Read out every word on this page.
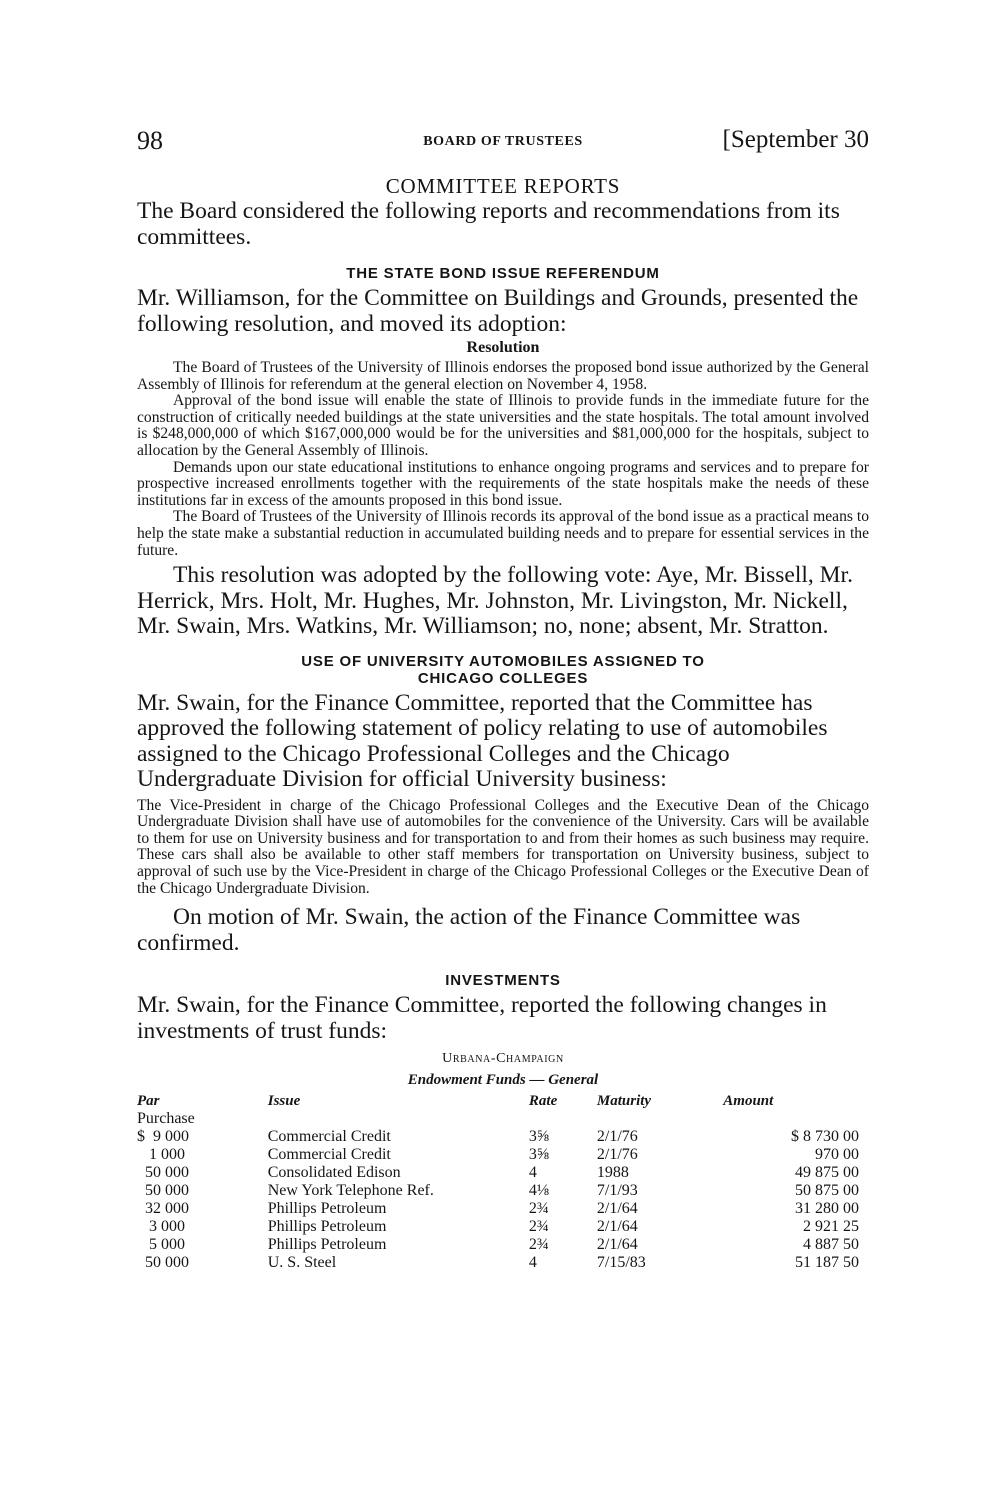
98	BOARD OF TRUSTEES	[September 30
COMMITTEE REPORTS

The Board considered the following reports and recommendations from its committees.

THE STATE BOND ISSUE REFERENDUM

Mr. Williamson, for the Committee on Buildings and Grounds, presented the following resolution, and moved its adoption:

Resolution

The Board of Trustees of the University of Illinois endorses the proposed bond issue authorized by the General Assembly of Illinois for referendum at the general election on November 4, 1958.

Approval of the bond issue will enable the state of Illinois to provide funds in the immediate future for the construction of critically needed buildings at the state universities and the state hospitals. The total amount involved is $248,000,000 of which $167,000,000 would be for the universities and $81,000,000 for the hospitals, subject to allocation by the General Assembly of Illinois.

Demands upon our state educational institutions to enhance ongoing programs and services and to prepare for prospective increased enrollments together with the requirements of the state hospitals make the needs of these institutions far in excess of the amounts proposed in this bond issue.

The Board of Trustees of the University of Illinois records its approval of the bond issue as a practical means to help the state make a substantial reduction in accumulated building needs and to prepare for essential services in the future.

This resolution was adopted by the following vote: Aye, Mr. Bissell, Mr. Herrick, Mrs. Holt, Mr. Hughes, Mr. Johnston, Mr. Livingston, Mr. Nickell, Mr. Swain, Mrs. Watkins, Mr. Williamson; no, none; absent, Mr. Stratton.

USE OF UNIVERSITY AUTOMOBILES ASSIGNED TO
CHICAGO COLLEGES

Mr. Swain, for the Finance Committee, reported that the Committee has approved the following statement of policy relating to use of automobiles assigned to the Chicago Professional Colleges and the Chicago Undergraduate Division for official University business:

The Vice-President in charge of the Chicago Professional Colleges and the Executive Dean of the Chicago Undergraduate Division shall have use of automobiles for the convenience of the University. Cars will be available to them for use on University business and for transportation to and from their homes as such business may require. These cars shall also be available to other staff members for transportation on University business, subject to approval of such use by the Vice-President in charge of the Chicago Professional Colleges or the Executive Dean of the Chicago Undergraduate Division.

On motion of Mr. Swain, the action of the Finance Committee was confirmed.

INVESTMENTS

Mr. Swain, for the Finance Committee, reported the following changes in investments of trust funds:

Urbana-Champaign
Endowment Funds — General
Par	Issue	Rate	Maturity	Amount
Purchase				
$  9 000	Commercial Credit	3⅝	2/1/76	$ 8 730 00
1 000	Commercial Credit	3⅝	2/1/76	970 00
50 000	Consolidated Edison	4	1988	49 875 00
50 000	New York Telephone Ref.	4⅛	7/1/93	50 875 00
32 000	Phillips Petroleum	2¾	2/1/64	31 280 00
3 000	Phillips Petroleum	2¾	2/1/64	2 921 25
5 000	Phillips Petroleum	2¾	2/1/64	4 887 50
50 000	U. S. Steel	4	7/15/83	51 187 50
